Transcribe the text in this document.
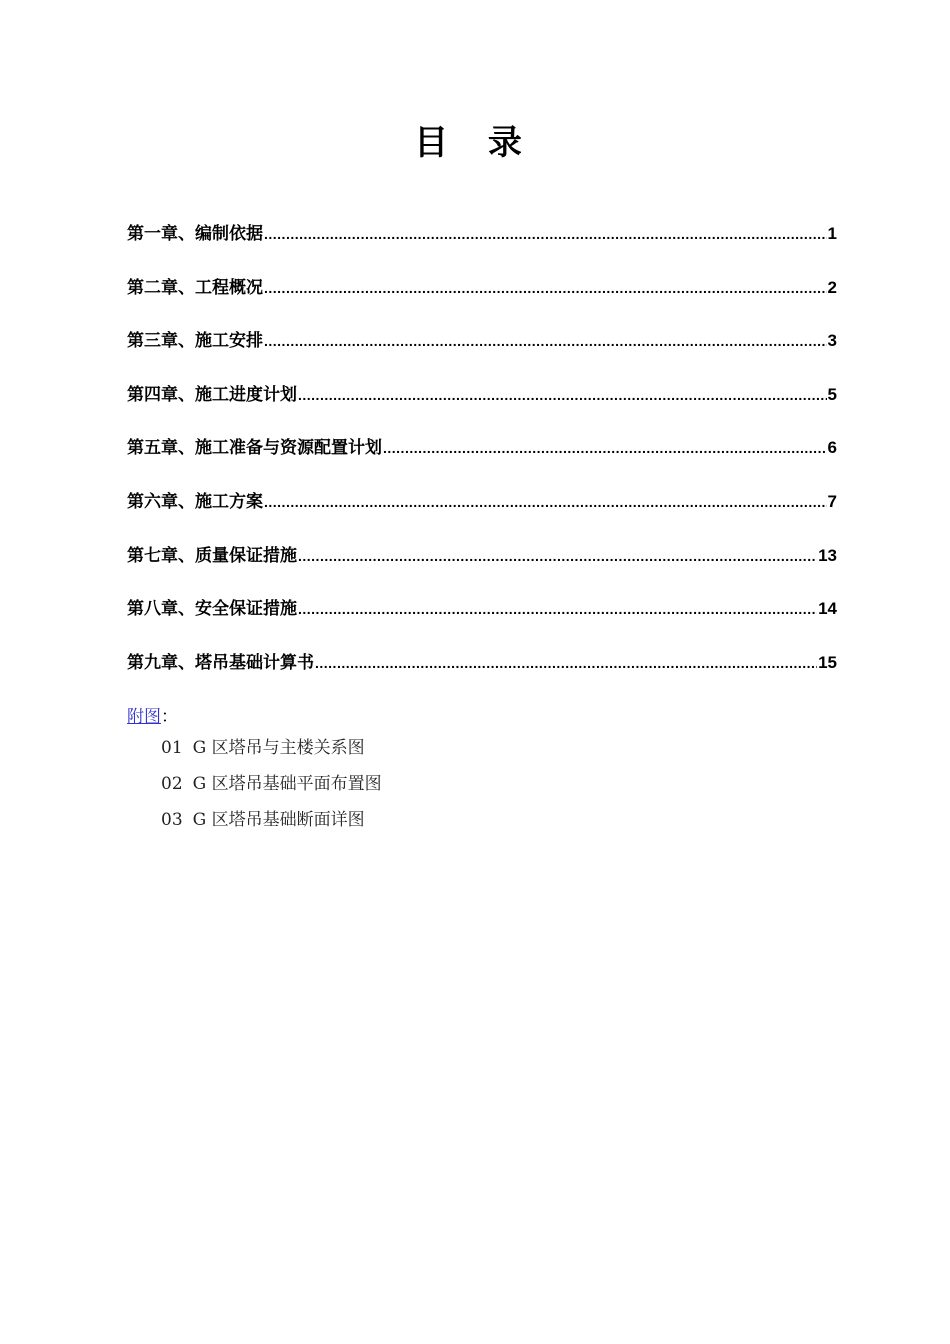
目 录
第一章、编制依据 .....	1
第二章、工程概况 .....	2
第三章、施工安排 .....	3
第四章、施工进度计划 .....	5
第五章、施工准备与资源配置计划 .....	6
第六章、施工方案 .....	7
第七章、质量保证措施 .....	13
第八章、安全保证措施 .....	14
第九章、塔吊基础计算书 .....	15
附图：
01 G 区塔吊与主楼关系图
02 G 区塔吊基础平面布置图
03 G 区塔吊基础断面详图
